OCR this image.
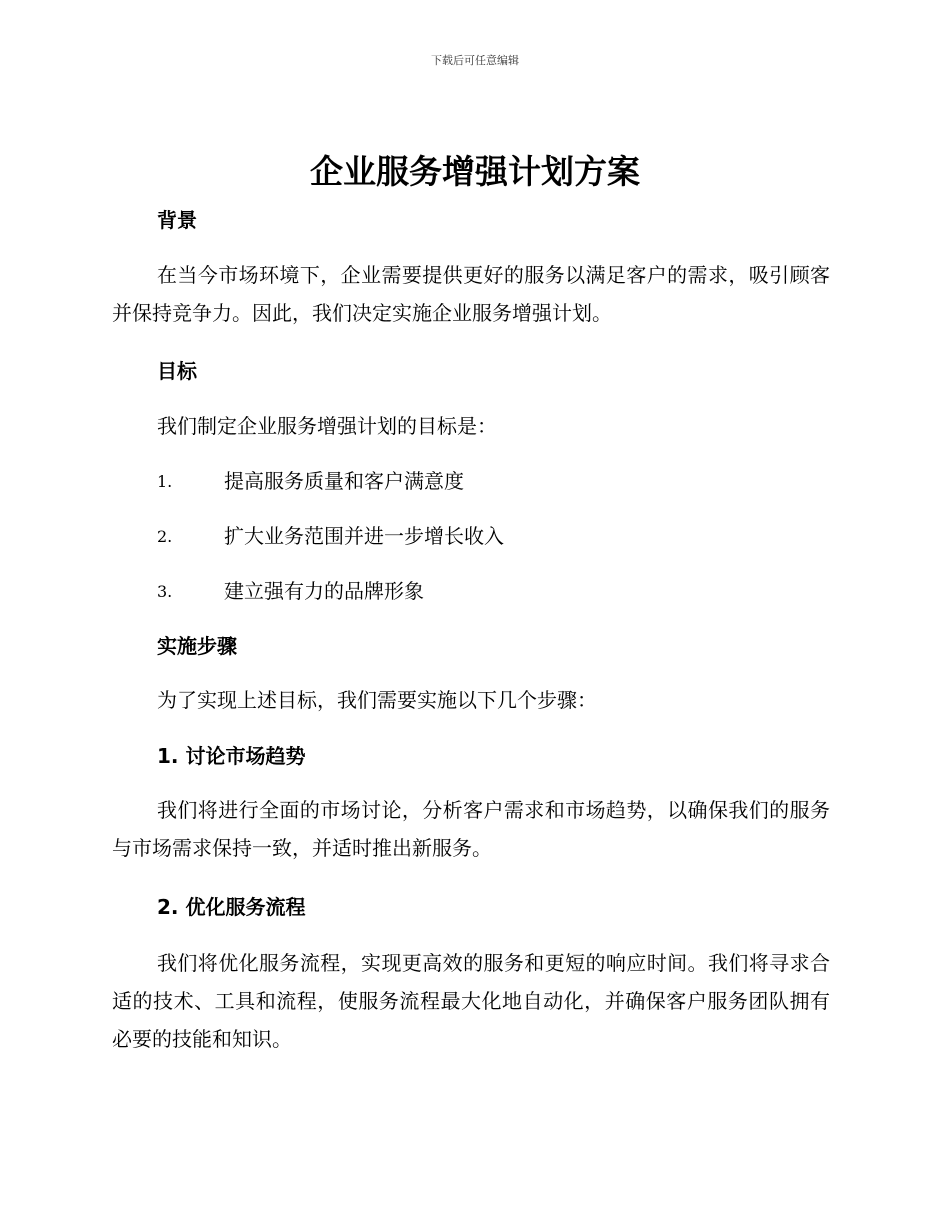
下载后可任意编辑
企业服务增强计划方案
背景

在当今市场环境下，企业需要提供更好的服务以满足客户的需求，吸引顾客并保持竞争力。因此，我们决定实施企业服务增强计划。

目标

我们制定企业服务增强计划的目标是：

1.	提高服务质量和客户满意度
2.	扩大业务范围并进一步增长收入
3.	建立强有力的品牌形象
实施步骤

为了实现上述目标，我们需要实施以下几个步骤：

1. 讨论市场趋势

我们将进行全面的市场讨论，分析客户需求和市场趋势，以确保我们的服务与市场需求保持一致，并适时推出新服务。

2. 优化服务流程

我们将优化服务流程，实现更高效的服务和更短的响应时间。我们将寻求合适的技术、工具和流程，使服务流程最大化地自动化，并确保客户服务团队拥有必要的技能和知识。
